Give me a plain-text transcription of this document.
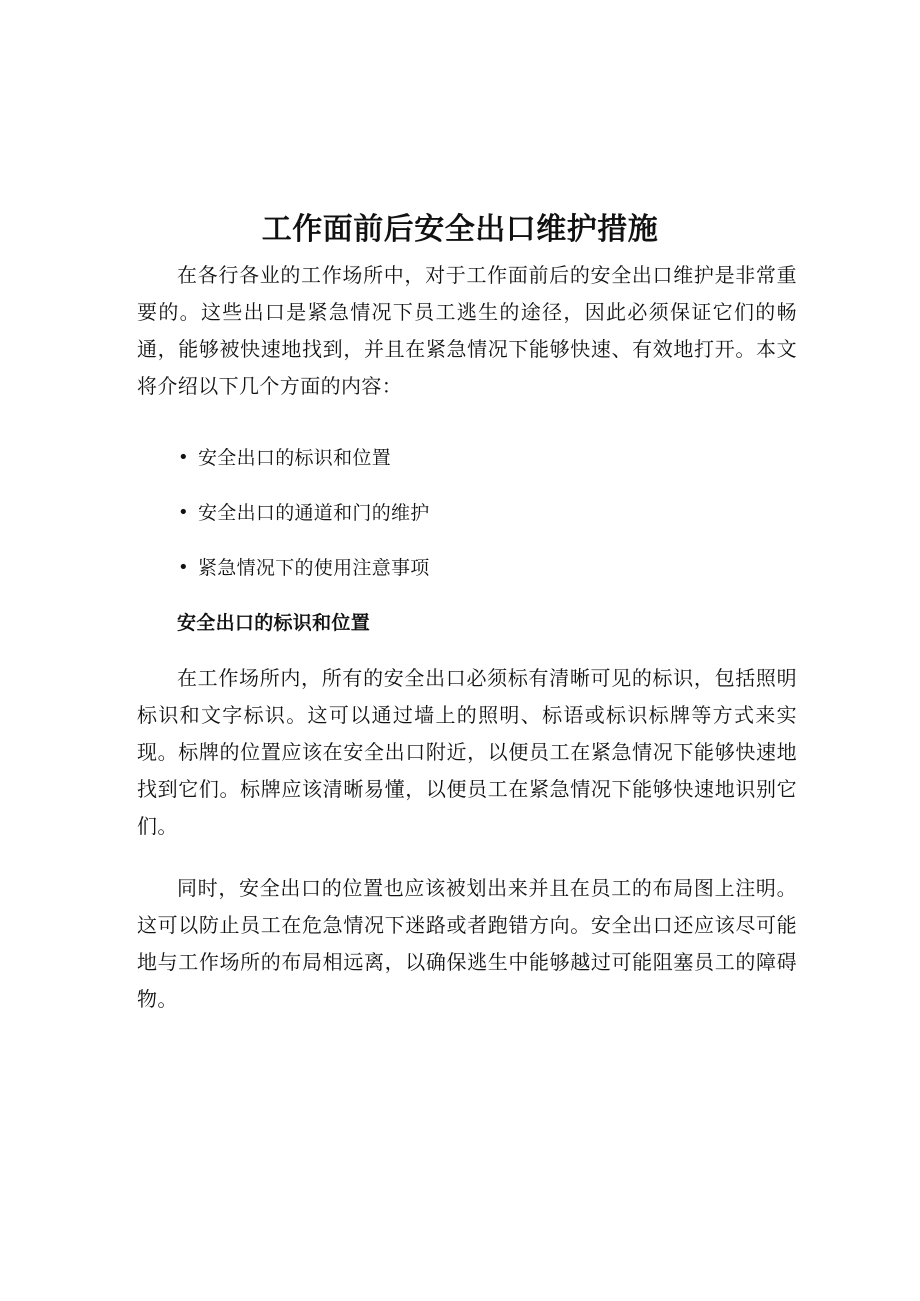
工作面前后安全出口维护措施

在各行各业的工作场所中，对于工作面前后的安全出口维护是非常重要的。这些出口是紧急情况下员工逃生的途径，因此必须保证它们的畅通，能够被快速地找到，并且在紧急情况下能够快速、有效地打开。本文将介绍以下几个方面的内容：

• 安全出口的标识和位置
• 安全出口的通道和门的维护
• 紧急情况下的使用注意事项
安全出口的标识和位置

在工作场所内，所有的安全出口必须标有清晰可见的标识，包括照明标识和文字标识。这可以通过墙上的照明、标语或标识标牌等方式来实现。标牌的位置应该在安全出口附近，以便员工在紧急情况下能够快速地找到它们。标牌应该清晰易懂，以便员工在紧急情况下能够快速地识别它们。

同时，安全出口的位置也应该被划出来并且在员工的布局图上注明。这可以防止员工在危急情况下迷路或者跑错方向。安全出口还应该尽可能地与工作场所的布局相远离，以确保逃生中能够越过可能阻塞员工的障碍物。
